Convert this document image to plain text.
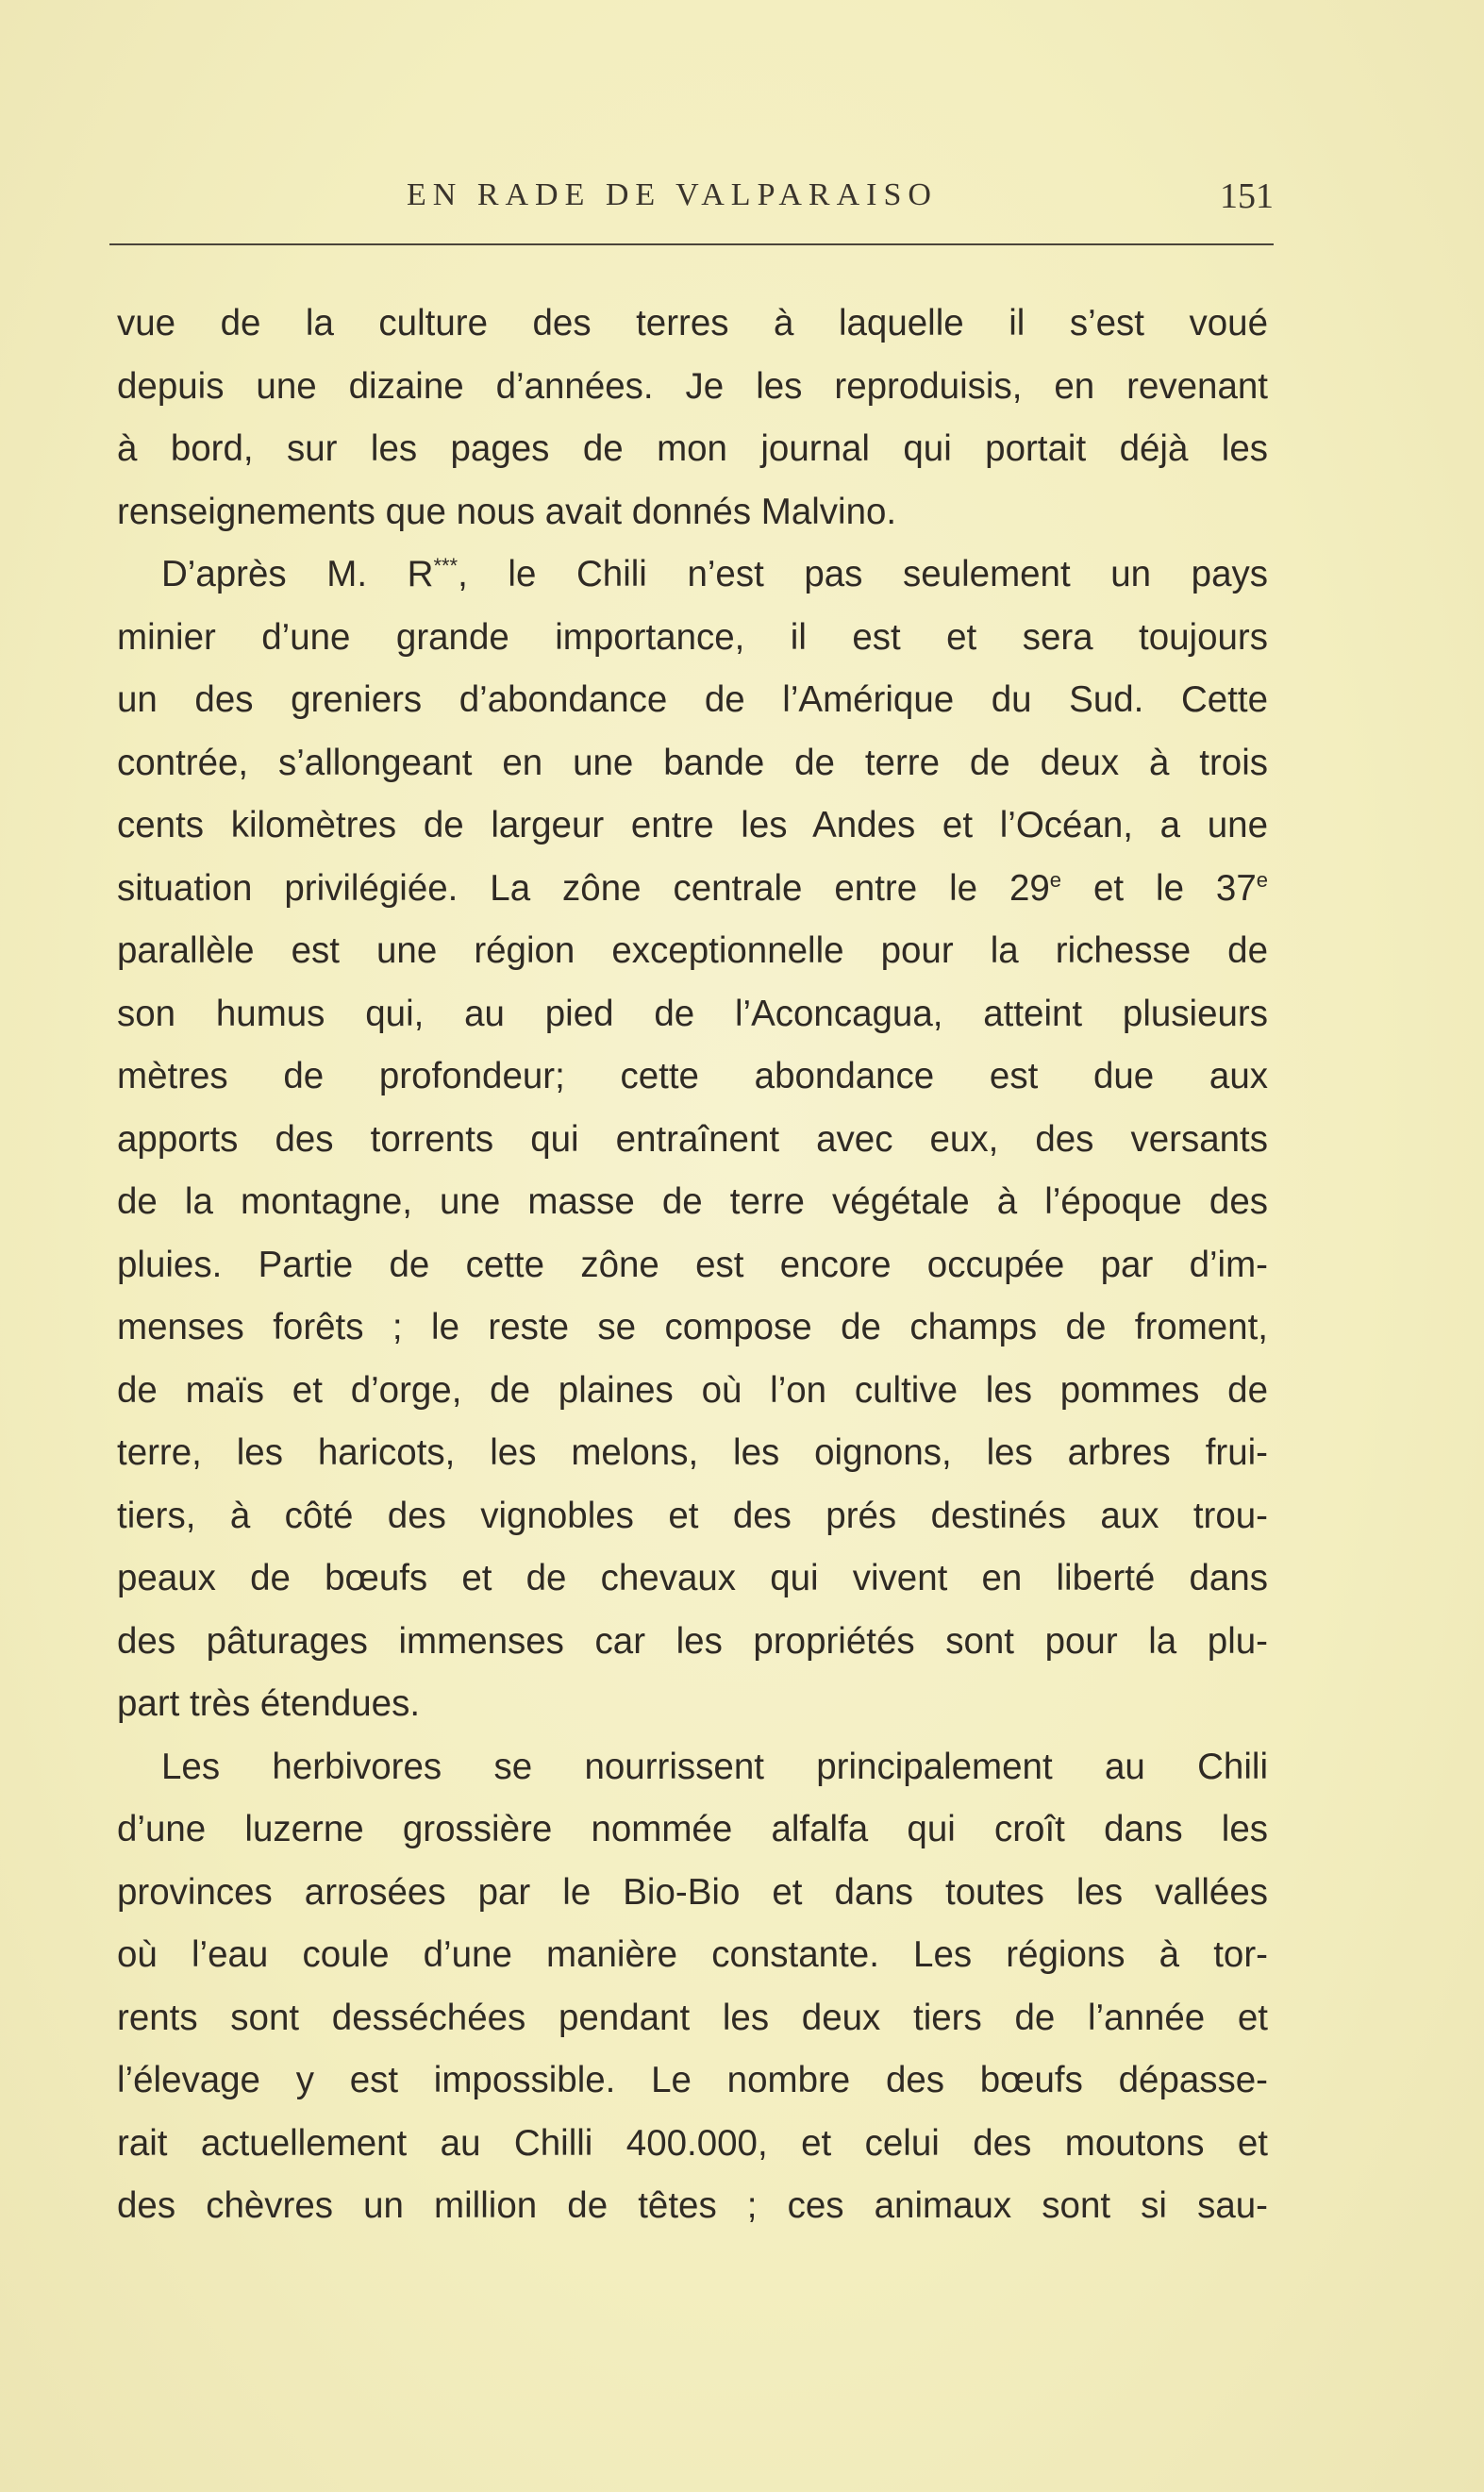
EN RADE DE VALPARAISO	151
vue de la culture des terres à laquelle il s’est voué
depuis une dizaine d’années. Je les reproduisis, en revenant
à bord, sur les pages de mon journal qui portait déjà les
renseignements que nous avait donnés Malvino.
D’après M. R***, le Chili n’est pas seulement un pays
minier d’une grande importance, il est et sera toujours
un des greniers d’abondance de l’Amérique du Sud. Cette
contrée, s’allongeant en une bande de terre de deux à trois
cents kilomètres de largeur entre les Andes et l’Océan, a une
situation privilégiée. La zône centrale entre le 29e et le 37e
parallèle est une région exceptionnelle pour la richesse de
son humus qui, au pied de l’Aconcagua, atteint plusieurs
mètres de profondeur; cette abondance est due aux
apports des torrents qui entraînent avec eux, des versants
de la montagne, une masse de terre végétale à l’époque des
pluies. Partie de cette zône est encore occupée par d’im-
menses forêts ; le reste se compose de champs de froment,
de maïs et d’orge, de plaines où l’on cultive les pommes de
terre, les haricots, les melons, les oignons, les arbres frui-
tiers, à côté des vignobles et des prés destinés aux trou-
peaux de bœufs et de chevaux qui vivent en liberté dans
des pâturages immenses car les propriétés sont pour la plu-
part très étendues.
Les herbivores se nourrissent principalement au Chili
d’une luzerne grossière nommée alfalfa qui croît dans les
provinces arrosées par le Bio-Bio et dans toutes les vallées
où l’eau coule d’une manière constante. Les régions à tor-
rents sont desséchées pendant les deux tiers de l’année et
l’élevage y est impossible. Le nombre des bœufs dépasse-
rait actuellement au Chilli 400.000, et celui des moutons et
des chèvres un million de têtes ; ces animaux sont si sau-
